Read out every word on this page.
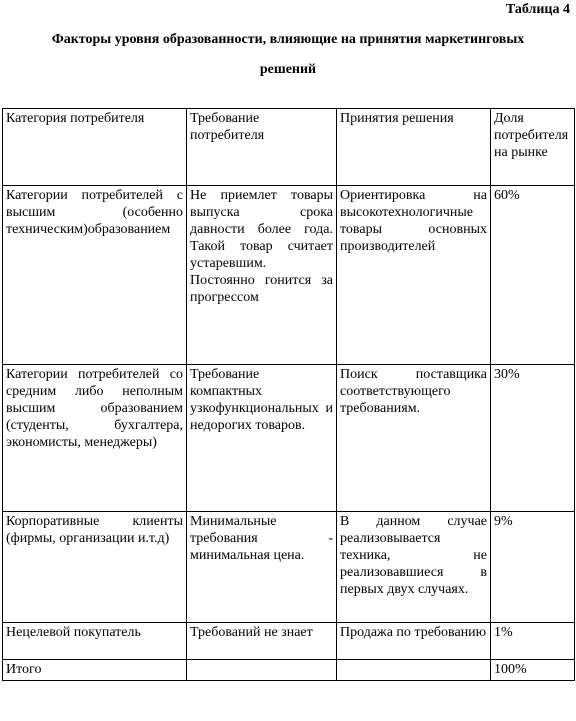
Таблица 4
Факторы уровня образованности, влияющие на принятия маркетинговых
решений
Категория потребителя	Требование потребителя	Принятия решения	Доля потребителя на рынке
Категории потребителей с высшим (особенно техническим)образованием	Не приемлет товары выпуска срока давности более года. Такой товар считает устаревшим. Постоянно гонится за прогрессом	Ориентировка на высокотехнологичные товары основных производителей	60%
Категории потребителей со средним либо неполным высшим образованием (студенты, бухгалтера, экономисты, менеджеры)	Требование компактных узкофункциональных и недорогих товаров.	Поиск поставщика соответствующего требованиям.	30%
Корпоративные клиенты (фирмы, организации и.т.д)	Минимальные требования - минимальная цена.	В данном случае реализовывается техника, не реализовавшиеся в первых двух случаях.	9%
Нецелевой покупатель	Требований не знает	Продажа по требованию	1%
Итого			100%
